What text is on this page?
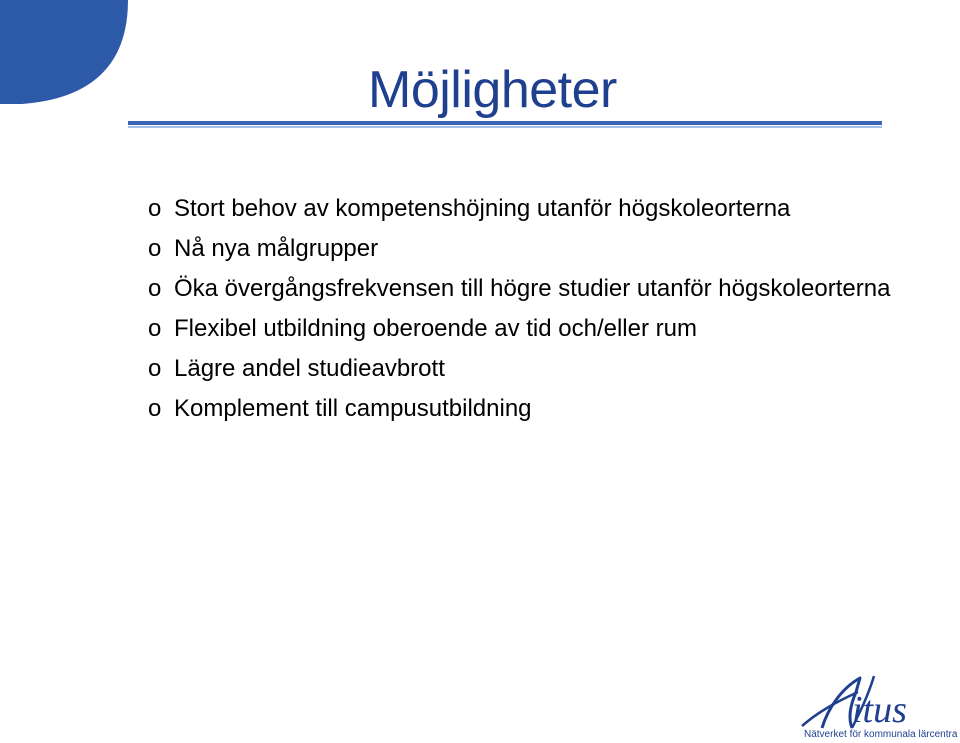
Möjligheter
o Stort behov av kompetenshöjning utanför högskoleorterna
o Nå nya målgrupper
o Öka övergångsfrekvensen till högre studier utanför högskoleorterna
o Flexibel utbildning oberoende av tid och/eller rum
o Lägre andel studieavbrott
o Komplement till campusutbildning
itus
Nätverket för kommunala lärcentra
